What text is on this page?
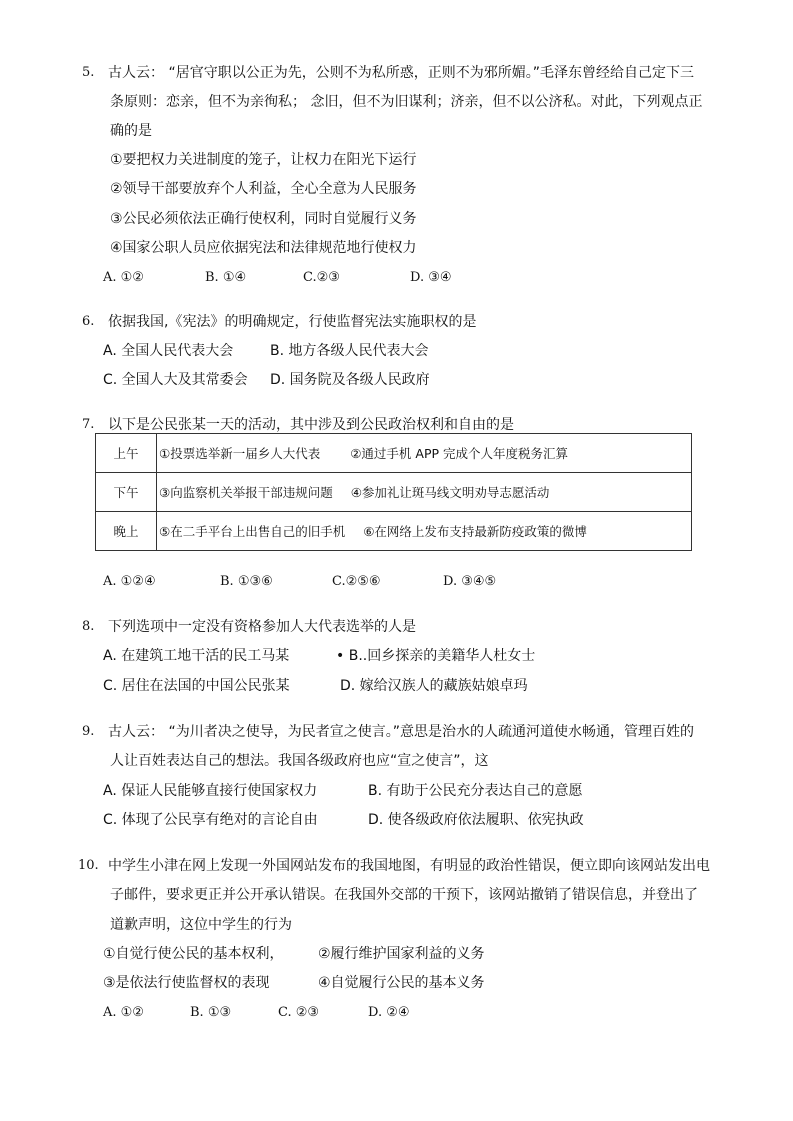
5. 古人云： “居官守职以公正为先，公则不为私所惑，正则不为邪所媚。”毛泽东曾经给自己定下三
条原则：恋亲，但不为亲徇私； 念旧，但不为旧谋利；济亲，但不以公济私。对此，下列观点正
确的是
①要把权力关进制度的笼子，让权力在阳光下运行
②领导干部要放弃个人利益，全心全意为人民服务
③公民必须依法正确行使权利，同时自觉履行义务
④国家公职人员应依据宪法和法律规范地行使权力
A. ①②	B. ①④	C.②③	D. ③④
6. 依据我国,《宪法》的明确规定，行使监督宪法实施职权的是
A. 全国人民代表大会	B. 地方各级人民代表大会
C. 全国人大及其常委会 D. 国务院及各级人民政府
7. 以下是公民张某一天的活动，其中涉及到公民政治权利和自由的是
上午	①投票选举新一届乡人大代表 ②通过手机 APP 完成个人年度税务汇算
下午	③向监察机关举报干部违规问题 ④参加礼让斑马线文明劝导志愿活动
晚上	⑤在二手平台上出售自己的旧手机 ⑥在网络上发布支持最新防疫政策的微博
A. ①②④	B. ①③⑥	C.②⑤⑥	D. ③④⑤
8. 下列选项中一定没有资格参加人大代表选举的人是
A. 在建筑工地干活的民工马某	• B..回乡探亲的美籍华人杜女士
C. 居住在法国的中国公民张某	D. 嫁给汉族人的藏族姑娘卓玛
9. 古人云： “为川者决之使导，为民者宣之使言。”意思是治水的人疏通河道使水畅通，管理百姓的
人让百姓表达自己的想法。我国各级政府也应“宣之使言”，这
A. 保证人民能够直接行使国家权力	B. 有助于公民充分表达自己的意愿
C. 体现了公民享有绝对的言论自由	D. 使各级政府依法履职、依宪执政
10. 中学生小津在网上发现一外国网站发布的我国地图，有明显的政治性错误，便立即向该网站发出电
子邮件，要求更正并公开承认错误。在我国外交部的干预下，该网站撤销了错误信息，并登出了
道歉声明，这位中学生的行为
①自觉行使公民的基本权利， ②履行维护国家利益的义务
③是依法行使监督权的表现	④自觉履行公民的基本义务
A. ①②	B. ①③	C. ②③	D. ②④
